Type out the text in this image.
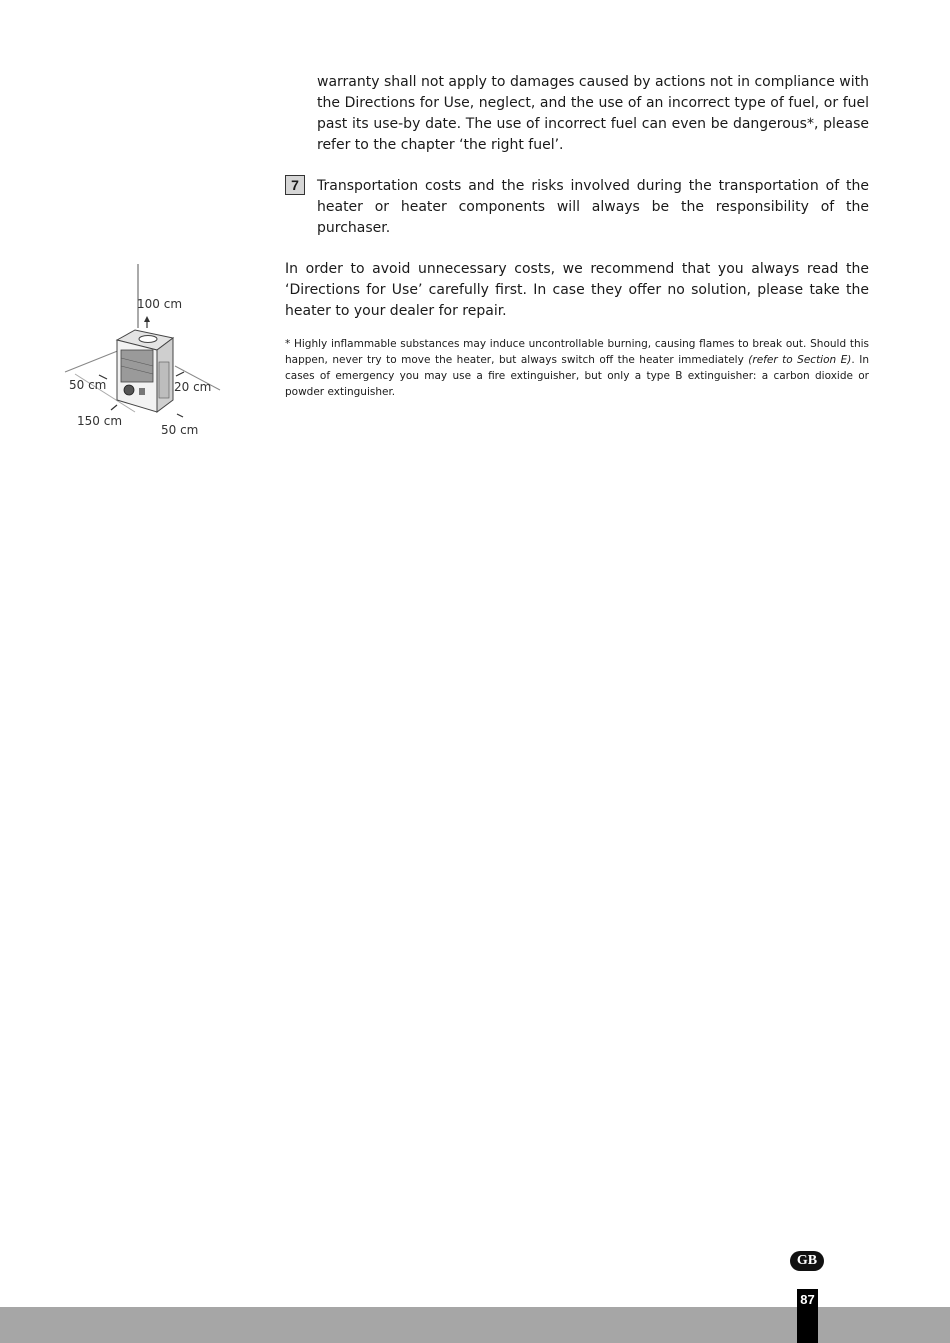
warranty shall not apply to damages caused by actions not in compliance with the Directions for Use, neglect, and the use of an incorrect type of fuel, or fuel past its use-by date. The use of incorrect fuel can even be dangerous*, please refer to the chapter ‘the right fuel’.

7	Transportation costs and the risks involved during the transportation of the heater or heater components will always be the responsibility of the purchaser.

In order to avoid unnecessary costs, we recommend that you always read the ‘Directions for Use’ carefully first. In case they offer no solution, please take the heater to your dealer for repair.

* Highly inflammable substances may induce uncontrollable burning, causing flames to break out. Should this happen, never try to move the heater, but always switch off the heater immediately (refer to Section E). In cases of emergency you may use a fire extinguisher, but only a type B extinguisher: a carbon dioxide or powder extinguisher.

100 cm
50 cm	20 cm
150 cm
50 cm
GB
87
